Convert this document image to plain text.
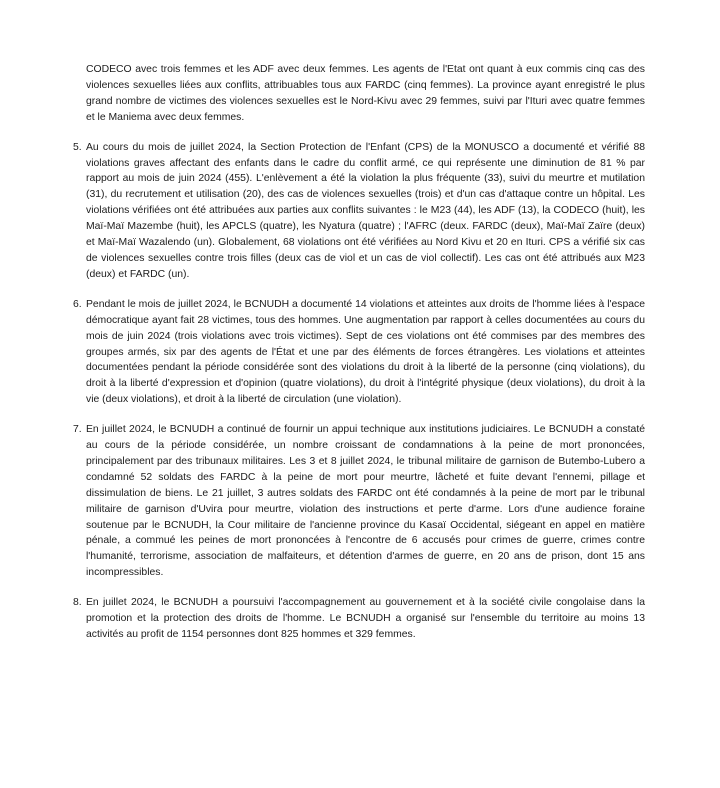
CODECO avec trois femmes et les ADF avec deux femmes. Les agents de l'Etat ont quant à eux commis cinq cas des violences sexuelles liées aux conflits, attribuables tous aux FARDC (cinq femmes). La province ayant enregistré le plus grand nombre de victimes des violences sexuelles est le Nord-Kivu avec 29 femmes, suivi par l'Ituri avec quatre femmes et le Maniema avec deux femmes.

5. Au cours du mois de juillet 2024, la Section Protection de l'Enfant (CPS) de la MONUSCO a documenté et vérifié 88 violations graves affectant des enfants dans le cadre du conflit armé, ce qui représente une diminution de 81 % par rapport au mois de juin 2024 (455). L'enlèvement a été la violation la plus fréquente (33), suivi du meurtre et mutilation (31), du recrutement et utilisation (20), des cas de violences sexuelles (trois) et d'un cas d'attaque contre un hôpital. Les violations vérifiées ont été attribuées aux parties aux conflits suivantes : le M23 (44), les ADF (13), la CODECO (huit), les Maï-Maï Mazembe (huit), les APCLS (quatre), les Nyatura (quatre) ; l'AFRC (deux. FARDC (deux), Maï-Maï Zaïre (deux) et Maï-Maï Wazalendo (un). Globalement, 68 violations ont été vérifiées au Nord Kivu et 20 en Ituri. CPS a vérifié six cas de violences sexuelles contre trois filles (deux cas de viol et un cas de viol collectif). Les cas ont été attribués aux M23 (deux) et FARDC (un).

6. Pendant le mois de juillet 2024, le BCNUDH a documenté 14 violations et atteintes aux droits de l'homme liées à l'espace démocratique ayant fait 28 victimes, tous des hommes. Une augmentation par rapport à celles documentées au cours du mois de juin 2024 (trois violations avec trois victimes). Sept de ces violations ont été commises par des membres des groupes armés, six par des agents de l'État et une par des éléments de forces étrangères. Les violations et atteintes documentées pendant la période considérée sont des violations du droit à la liberté de la personne (cinq violations), du droit à la liberté d'expression et d'opinion (quatre violations), du droit à l'intégrité physique (deux violations), du droit à la vie (deux violations), et droit à la liberté de circulation (une violation).

7. En juillet 2024, le BCNUDH a continué de fournir un appui technique aux institutions judiciaires. Le BCNUDH a constaté au cours de la période considérée, un nombre croissant de condamnations à la peine de mort prononcées, principalement par des tribunaux militaires. Les 3 et 8 juillet 2024, le tribunal militaire de garnison de Butembo-Lubero a condamné 52 soldats des FARDC à la peine de mort pour meurtre, lâcheté et fuite devant l'ennemi, pillage et dissimulation de biens. Le 21 juillet, 3 autres soldats des FARDC ont été condamnés à la peine de mort par le tribunal militaire de garnison d'Uvira pour meurtre, violation des instructions et perte d'arme. Lors d'une audience foraine soutenue par le BCNUDH, la Cour militaire de l'ancienne province du Kasaï Occidental, siégeant en appel en matière pénale, a commué les peines de mort prononcées à l'encontre de 6 accusés pour crimes de guerre, crimes contre l'humanité, terrorisme, association de malfaiteurs, et détention d'armes de guerre, en 20 ans de prison, dont 15 ans incompressibles.

8. En juillet 2024, le BCNUDH a poursuivi l'accompagnement au gouvernement et à la société civile congolaise dans la promotion et la protection des droits de l'homme. Le BCNUDH a organisé sur l'ensemble du territoire au moins 13 activités au profit de 1154 personnes dont 825 hommes et 329 femmes.
